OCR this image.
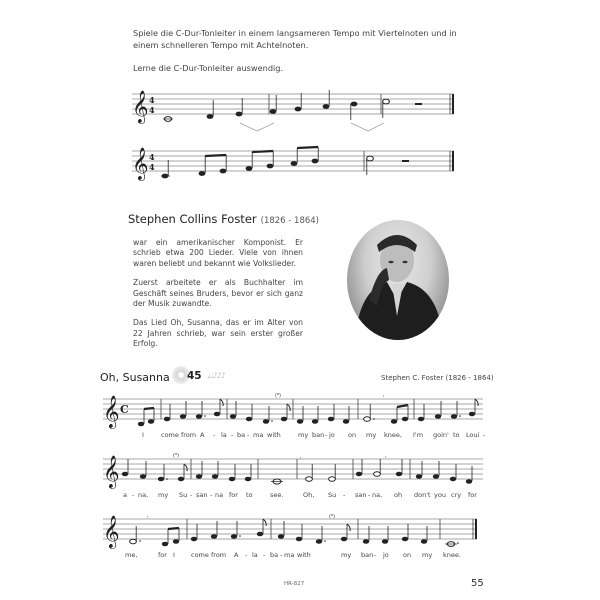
Spiele die C-Dur-Tonleiter in einem langsameren Tempo mit Viertelnoten und in einem schnelleren Tempo mit Achtelnoten.

Lerne die C-Dur-Tonleiter auswendig.

𝄞 4
4
𝄞 4
4
Stephen Collins Foster (1826 - 1864)

war ein amerikanischer Komponist. Er schrieb etwa 200 Lieder. Viele von ihnen waren beliebt und bekannt wie Volkslieder.

Zuerst arbeitete er als Buchhalter im Geschäft seines Bruders, bevor er sich ganz der Musik zuwandte.

Das Lied Oh, Susanna, das er im Alter von 22 Jahren schrieb, war sein erster großer Erfolg.

Oh, Susanna 45 ♩♩♪♪♪	Stephen C. Foster (1826 - 1864)
𝄞 C
(⁹)	𝄾
I	come from A - la - ba - ma with	my ban - jo on my knee, I'm goin' to Loui -
𝄞	(⁹)	𝄾	𝄾
a - na, my Su - san - na for to	see.	Oh, Su - san - na, oh don't you cry for
𝄞	𝄾	(⁹)
me,	for I come from A - la - ba - ma with	my ban - jo on my knee.
HR-827	55
